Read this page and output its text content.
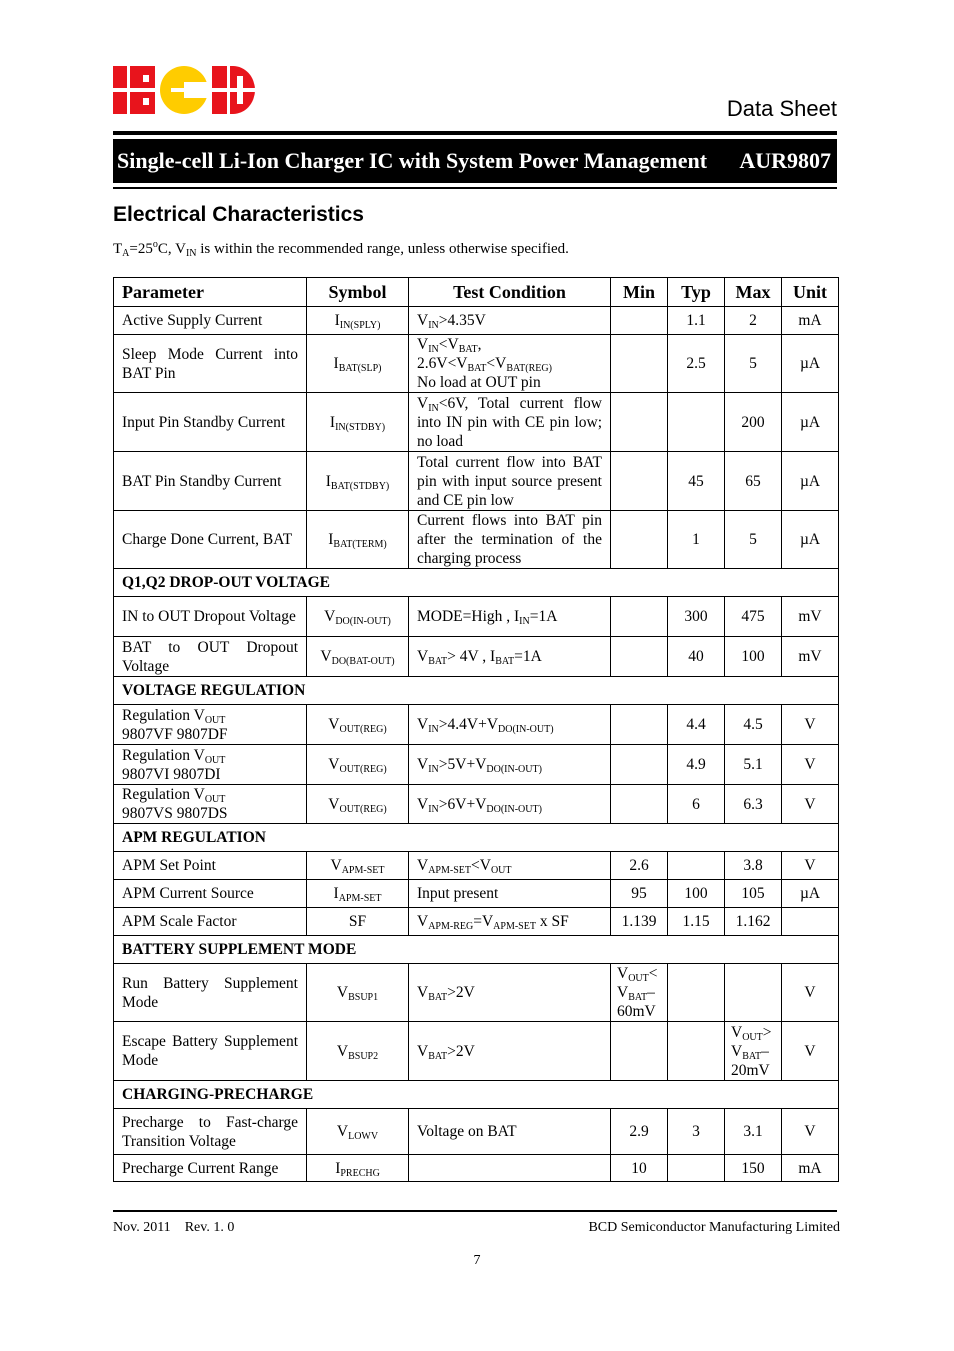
Data Sheet
Single-cell Li-Ion Charger IC with System Power Management	AUR9807
Electrical Characteristics
$T_A=25^oC$, $V_{IN}$ is within the recommended range, unless otherwise specified.
Parameter	Symbol	Test Condition	Min	Typ	Max	Unit
Active Supply Current	$I_{IN(SPLY)}$	$V_{IN}>4.35V$		1.1	2	mA
Sleep Mode Current into BAT Pin	$I_{BAT(SLP)}$	$V_{IN}<V_{BAT}$,
$2.6V<V_{BAT}<V_{BAT(REG)}$
No load at OUT pin		2.5	5	µA
Input Pin Standby Current	$I_{IN(STDBY)}$	$V_{IN}<6V$, Total current flow into IN pin with CE pin low; no load			200	µA
BAT Pin Standby Current	$I_{BAT(STDBY)}$	Total current flow into BAT pin with input source present and CE pin low		45	65	µA
Charge Done Current, BAT	$I_{BAT(TERM)}$	Current flows into BAT pin after the termination of the charging process		1	5	µA
Q1,Q2 DROP-OUT VOLTAGE						
IN to OUT Dropout Voltage	$V_{DO(IN-OUT)}$	MODE=High , $I_{IN}=1A$		300	475	mV
BAT to OUT Dropout Voltage	$V_{DO(BAT-OUT)}$	$V_{BAT}> 4V$ , $I_{BAT}=1A$		40	100	mV
VOLTAGE REGULATION						
Regulation $V_{OUT}$
9807VF 9807DF	$V_{OUT(REG)}$	$V_{IN}>4.4V+V_{DO(IN-OUT)}$		4.4	4.5	V
Regulation $V_{OUT}$
9807VI 9807DI	$V_{OUT(REG)}$	$V_{IN}>5V+V_{DO(IN-OUT)}$		4.9	5.1	V
Regulation $V_{OUT}$
9807VS 9807DS	$V_{OUT(REG)}$	$V_{IN}>6V+V_{DO(IN-OUT)}$		6	6.3	V
APM REGULATION						
APM Set Point	$V_{APM-SET}$	$V_{APM-SET}<V_{OUT}$	2.6		3.8	V
APM Current Source	$I_{APM-SET}$	Input present	95	100	105	µA
APM Scale Factor	SF	$V_{APM-REG}=V_{APM-SET}$ x SF	1.139	1.15	1.162	
BATTERY SUPPLEMENT MODE						
Run Battery Supplement Mode	$V_{BSUP1}$	$V_{BAT}>2V$	$V_{OUT}<$
$V_{BAT}-$
60mV			V
Escape Battery Supplement Mode	$V_{BSUP2}$	$V_{BAT}>2V$			$V_{OUT}>$
$V_{BAT}-$
20mV	V
CHARGING-PRECHARGE						
Precharge to Fast-charge Transition Voltage	$V_{LOWV}$	Voltage on BAT	2.9	3	3.1	V
Precharge Current Range	$I_{PRECHG}$		10		150	mA
Nov. 2011 Rev. 1. 0	BCD Semiconductor Manufacturing Limited
7
